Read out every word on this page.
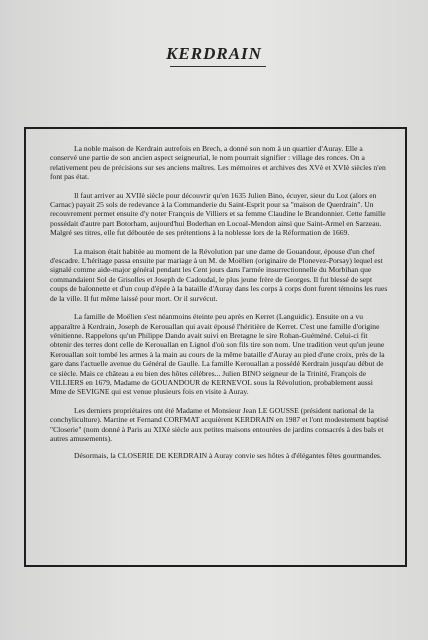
KERDRAIN

La noble maison de Kerdrain autrefois en Brech, a donné son nom à un quartier d'Auray. Elle a conservé une partie de son ancien aspect seigneurial, le nom pourrait signifier : village des ronces. On a relativement peu de précisions sur ses anciens maîtres. Les mémoires et archives des XVè et XVIè siècles n'en font pas état.

Il faut arriver au XVIIè siècle pour découvrir qu'en 1635 Julien Bino, écuyer, sieur du Loz (alors en Carnac) payait 25 sols de redevance à la Commanderie du Saint-Esprit pour sa "maison de Querdrain". Un recouvrement permet ensuite d'y noter François de Villiers et sa femme Claudine le Brandonnier. Cette famille possédait d'autre part Botorham, aujourd'hui Boderhan en Locoal-Mendon ainsi que Saint-Armel en Sarzeau. Malgré ses titres, elle fut déboutée de ses prétentions à la noblesse lors de la Réformation de 1669.

La maison était habitée au moment de la Révolution par une dame de Gouandour, épouse d'un chef d'escadre. L'héritage passa ensuite par mariage à un M. de Moëlien (originaire de Plonevez-Porsay) lequel est signalé comme aide-major général pendant les Cent jours dans l'armée insurrectionnelle du Morbihan que commandaient Sol de Grisolles et Joseph de Cadoudal, le plus jeune frère de Georges. Il fut blessé de sept coups de baïonnette et d'un coup d'épée à la bataille d'Auray dans les corps à corps dont furent témoins les rues de la ville. Il fut même laissé pour mort. Or il survécut.

La famille de Moëlien s'est néanmoins éteinte peu après en Kerret (Languidic). Ensuite on a vu apparaître à Kerdrain, Joseph de Kerouallan qui avait épousé l'héritière de Kerret. C'est une famille d'origine vénitienne. Rappelons qu'un Philippe Dando avait suivi en Bretagne le sire Rohan-Guéméné. Celui-ci fit obtenir des terres dont celle de Kerouallan en Lignol d'où son fils tire son nom. Une tradition veut qu'un jeune Kerouallan soit tombé les armes à la main au cours de la même bataille d'Auray au pied d'une croix, près de la gare dans l'actuelle avenue du Général de Gaulle. La famille Kerouallan a possédé Kerdrain jusqu'au début de ce siècle. Mais ce château a eu bien des hôtes célèbres... Julien BINO seigneur de la Trinité, François de VILLIERS en 1679, Madame de GOUANDOUR de KERNEVOL sous la Révolution, probablement aussi Mme de SEVIGNE qui est venue plusieurs fois en visite à Auray.

Les derniers propriétaires ont été Madame et Monsieur Jean LE GOUSSE (président national de la conchyliculture). Martine et Fernand CORFMAT acquièrent KERDRAIN en 1987 et l'ont modestement baptisé "Closerie" (nom donné à Paris au XIXè siècle aux petites maisons entourées de jardins consacrés à des bals et autres amusements).

Désormais, la CLOSERIE DE KERDRAIN à Auray convie ses hôtes à d'élégantes fêtes gourmandes.
